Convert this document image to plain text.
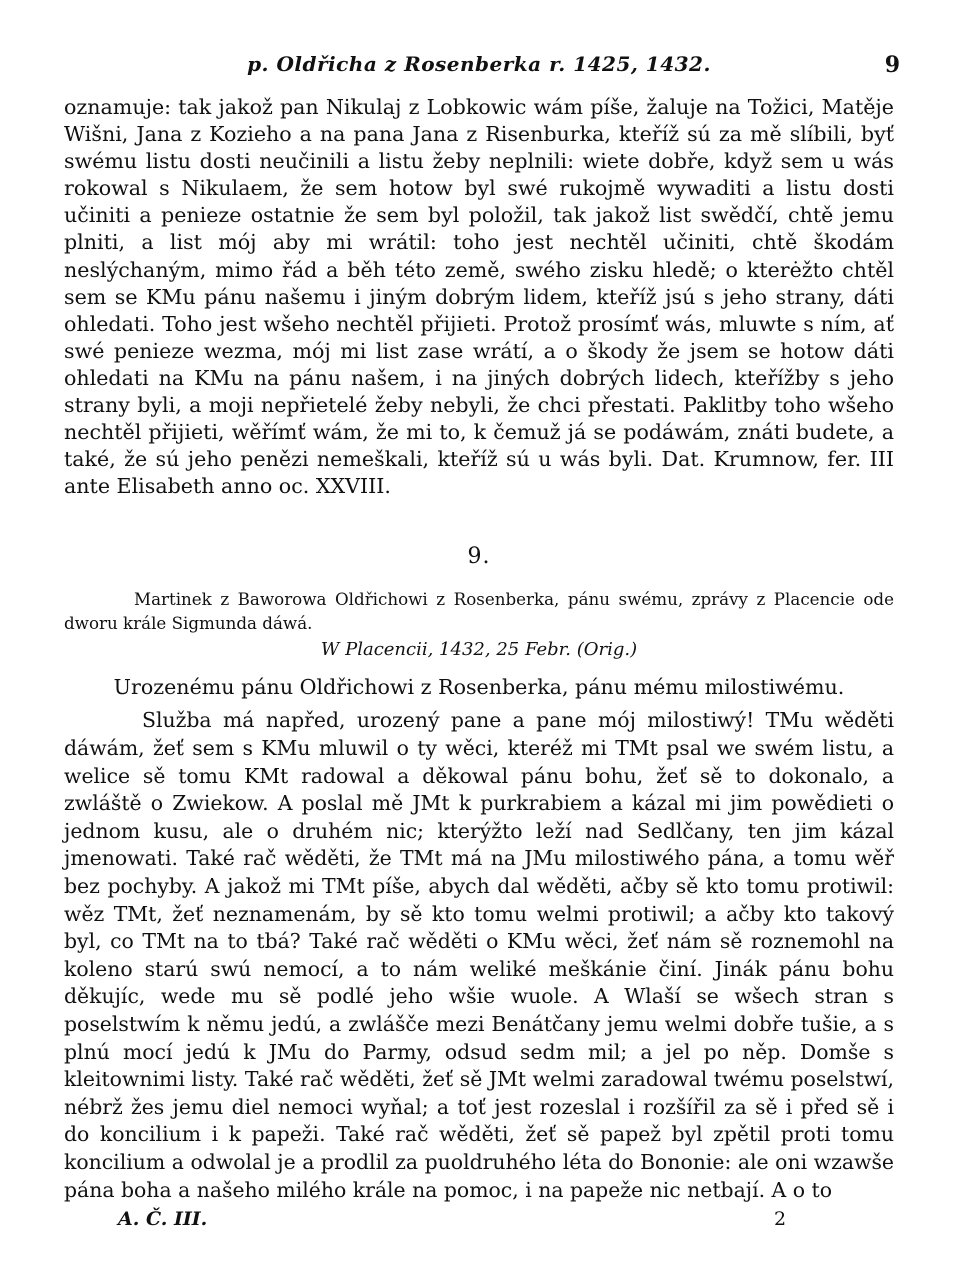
p. Oldřicha z Rosenberka r. 1425, 1432.	9

oznamuje: tak jakož pan Nikulaj z Lobkowic wám píše, žaluje na Tožici, Matěje Wišni, Jana z Kozieho a na pana Jana z Risenburka, kteříž sú za mě slíbili, byť swému listu dosti neučinili a listu žeby neplnili: wiete dobře, když sem u wás rokowal s Nikulaem, že sem hotow byl swé rukojmě wywaditi a listu dosti učiniti a penieze ostatnie že sem byl položil, tak jakož list swědčí, chtě jemu plniti, a list mój aby mi wrátil: toho jest nechtěl učiniti, chtě škodám neslýchaným, mimo řád a běh této země, swého zisku hledě; o kterėžto chtěl sem se KMu pánu našemu i jiným dobrým lidem, kteříž jsú s jeho strany, dáti ohledati. Toho jest wšeho nechtěl přijieti. Protož prosímť wás, mluwte s ním, ať swé penieze wezma, mój mi list zase wrátí, a o škody že jsem se hotow dáti ohledati na KMu na pánu našem, i na jiných dobrých lidech, kteřížby s jeho strany byli, a moji nepřietelé žeby nebyli, že chci přestati. Paklitby toho wšeho nechtěl přijieti, wěřímť wám, že mi to, k čemuž já se podáwám, znáti budete, a také, že sú jeho penězi nemeškali, kteříž sú u wás byli. Dat. Krumnow, fer. III ante Elisabeth anno oc. XXVIII.

9.

Martinek z Baworowa Oldřichowi z Rosenberka, pánu swému, zprávy z Placencie ode dworu krále Sigmunda dáwá.

W Placencii, 1432, 25 Febr. (Orig.)
Urozenému pánu Oldřichowi z Rosenberka, pánu mému milostiwému.

Služba má napřed, urozený pane a pane mój milostiwý! TMu wěděti dáwám, žeť sem s KMu mluwil o ty wěci, kteréž mi TMt psal we swém listu, a welice sě tomu KMt radowal a děkowal pánu bohu, žeť sě to dokonalo, a zwláště o Zwiekow. A poslal mě JMt k purkrabiem a kázal mi jim powědieti o jednom kusu, ale o druhém nic; kterýžto leží nad Sedlčany, ten jim kázal jmenowati. Také rač wěděti, že TMt má na JMu milostiwého pána, a tomu wěř bez pochyby. A jakož mi TMt píše, abych dal wěděti, ačby sě kto tomu protiwil: wěz TMt, žeť neznamenám, by sě kto tomu welmi protiwil; a ačby kto takový byl, co TMt na to tbá? Také rač wěděti o KMu wěci, žeť nám sě roznemohl na koleno starú swú nemocí, a to nám weliké meškánie činí. Jinák pánu bohu děkujíc, wede mu sě podlé jeho wšie wuole. A Wlaší se wšech stran s poselstwím k němu jedú, a zwlášče mezi Benátčany jemu welmi dobře tušie, a s plnú mocí jedú k JMu do Parmy, odsud sedm mil; a jel po něp. Domše s kleitownimi listy. Také rač wěděti, žeť sě JMt welmi zaradowal twému poselstwí, nébrž žes jemu diel nemoci wyňal; a toť jest rozeslal i rozšířil za sě i před sě i do koncilium i k papeži. Také rač wěděti, žeť sě papež byl zpětil proti tomu koncilium a odwolal je a prodlil za puoldruhého léta do Bononie: ale oni wzawše pána boha a našeho milého krále na pomoc, i na papeže nic netbají. A o to

A. Č. III.	2
